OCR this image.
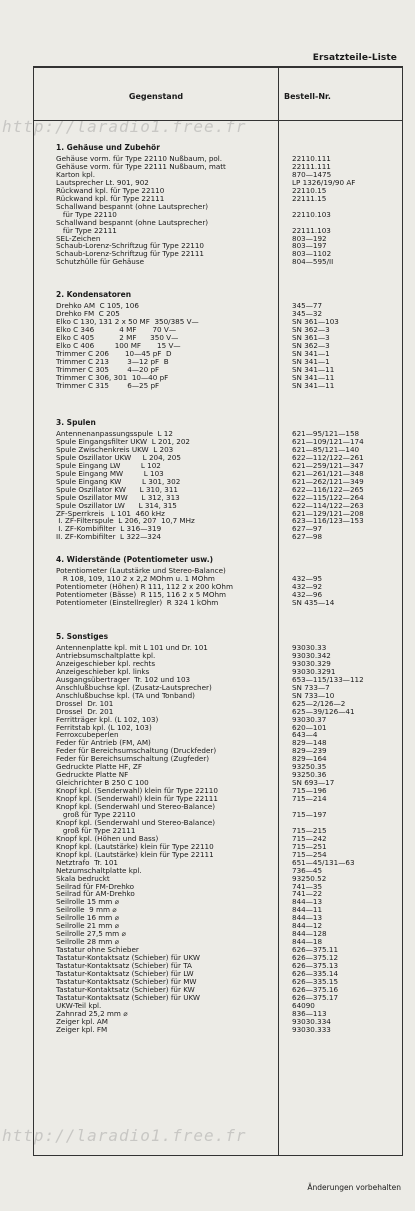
http://laradio1.free.fr
http://laradio1.free.fr
Ersatzteile-Liste
Gegenstand	Bestell-Nr.
1. Gehäuse und Zubehör
Gehäuse vorm. für Type 22110 Nußbaum, pol.	22110.111
Gehäuse vorm. für Type 22111 Nußbaum, matt	22111.111
Karton kpl.	870—1475
Lautsprecher Lt. 901, 902	LP 1326/19/90 AF
Rückwand kpl. für Type 22110	22110.15
Rückwand kpl. für Type 22111	22111.15
Schallwand bespannt (ohne Lautsprecher)
für Type 22110	22110.103
Schallwand bespannt (ohne Lautsprecher)
für Type 22111	22111.103
SEL-Zeichen	803—192
Schaub-Lorenz-Schriftzug für Type 22110	803—197
Schaub-Lorenz-Schriftzug für Type 22111	803—1102
Schutzhülle für Gehäuse	804—595/II
2. Kondensatoren
Drehko AM  C 105, 106	345—77
Drehko FM  C 205	345—32
Elko C 130, 131 2 x 50 MF  350/385 V—	SN 361—103
Elko C 346           4 MF       70 V—	SN 362—3
Elko C 405           2 MF      350 V—	SN 361—3
Elko C 406         100 MF       15 V—	SN 362—3
Trimmer C 206       10—45 pF  D	SN 341—1
Trimmer C 213        3—12 pF  B	SN 341—1
Trimmer C 305        4—20 pF	SN 341—11
Trimmer C 306, 301  10—40 pF	SN 341—11
Trimmer C 315        6—25 pF	SN 341—11
3. Spulen
Antennenanpassungsspule  L 12	621—95/121—158
Spule Eingangsfilter UKW  L 201, 202	621—109/121—174
Spule Zwischenkreis UKW  L 203	621—85/121—140
Spule Oszillator UKW     L 204, 205	622—112/122—261
Spule Eingang LW         L 102	621—259/121—347
Spule Eingang MW         L 103	621—261/121—348
Spule Eingang KW         L 301, 302	621—262/121—349
Spule Oszillator KW      L 310, 311	622—116/122—265
Spule Oszillator MW      L 312, 313	622—115/122—264
Spule Oszillator LW      L 314, 315	622—114/122—263
ZF-Sperrkreis   L 101  460 kHz	621—129/121—208
I. ZF-Filterspule  L 206, 207  10,7 MHz	623—116/123—153
I. ZF-Kombifilter  L 316—319	627—97
II. ZF-Kombifilter  L 322—324	627—98
4. Widerstände (Potentiometer usw.)
Potentiometer (Lautstärke und Stereo-Balance)
R 108, 109, 110 2 x 2,2 MOhm u. 1 MOhm	432—95
Potentiometer (Höhen) R 111, 112 2 x 200 kOhm	432—92
Potentiometer (Bässe)  R 115, 116 2 x 5 MOhm	432—96
Potentiometer (Einstellregler)  R 324 1 kOhm	SN 435—14
5. Sonstiges
Antennenplatte kpl. mit L 101 und Dr. 101	93030.33
Antriebsumschaltplatte kpl.	93030.342
Anzeigeschieber kpl. rechts	93030.329
Anzeigeschieber kpl. links	93030.3291
Ausgangsübertrager  Tr. 102 und 103	653—115/133—112
Anschlußbuchse kpl. (Zusatz-Lautsprecher)	SN 733—7
Anschlußbuchse kpl. (TA und Tonband)	SN 733—10
Drossel  Dr. 101	625—2/126—2
Drossel  Dr. 201	625—39/126—41
Ferritträger kpl. (L 102, 103)	93030.37
Ferritstab kpl. (L 102, 103)	620—101
Ferroxcubeperlen	643—4
Feder für Antrieb (FM, AM)	829—148
Feder für Bereichsumschaltung (Druckfeder)	829—239
Feder für Bereichsumschaltung (Zugfeder)	829—164
Gedruckte Platte HF, ZF	93250.35
Gedruckte Platte NF	93250.36
Gleichrichter B 250 C 100	SN 693—17
Knopf kpl. (Senderwahl) klein für Type 22110	715—196
Knopf kpl. (Senderwahl) klein für Type 22111	715—214
Knopf kpl. (Senderwahl und Stereo-Balance)
groß für Type 22110	715—197
Knopf kpl. (Senderwahl und Stereo-Balance)
groß für Type 22111	715—215
Knopf kpl. (Höhen und Bass)	715—242
Knopf kpl. (Lautstärke) klein für Type 22110	715—251
Knopf kpl. (Lautstärke) klein für Type 22111	715—254
Netztrafo  Tr. 101	651—45/131—63
Netzumschaltplatte kpl.	736—45
Skala bedruckt	93250.52
Seilrad für FM-Drehko	741—35
Seilrad für AM-Drehko	741—22
Seilrolle 15 mm ⌀	844—13
Seilrolle  9 mm ⌀	844—11
Seilrolle 16 mm ⌀	844—13
Seilrolle 21 mm ⌀	844—12
Seilrolle 27,5 mm ⌀	844—128
Seilrolle 28 mm ⌀	844—18
Tastatur ohne Schieber	626—375.11
Tastatur-Kontaktsatz (Schieber) für UKW	626—375.12
Tastatur-Kontaktsatz (Schieber) für TA	626—375.13
Tastatur-Kontaktsatz (Schieber) für LW	626—335.14
Tastatur-Kontaktsatz (Schieber) für MW	626—335.15
Tastatur-Kontaktsatz (Schieber) für KW	626—375.16
Tastatur-Kontaktsatz (Schieber) für UKW	626—375.17
UKW-Teil kpl.	64090
Zahnrad 25,2 mm ⌀	836—113
Zeiger kpl. AM	93030.334
Zeiger kpl. FM	93030.333
Änderungen vorbehalten
